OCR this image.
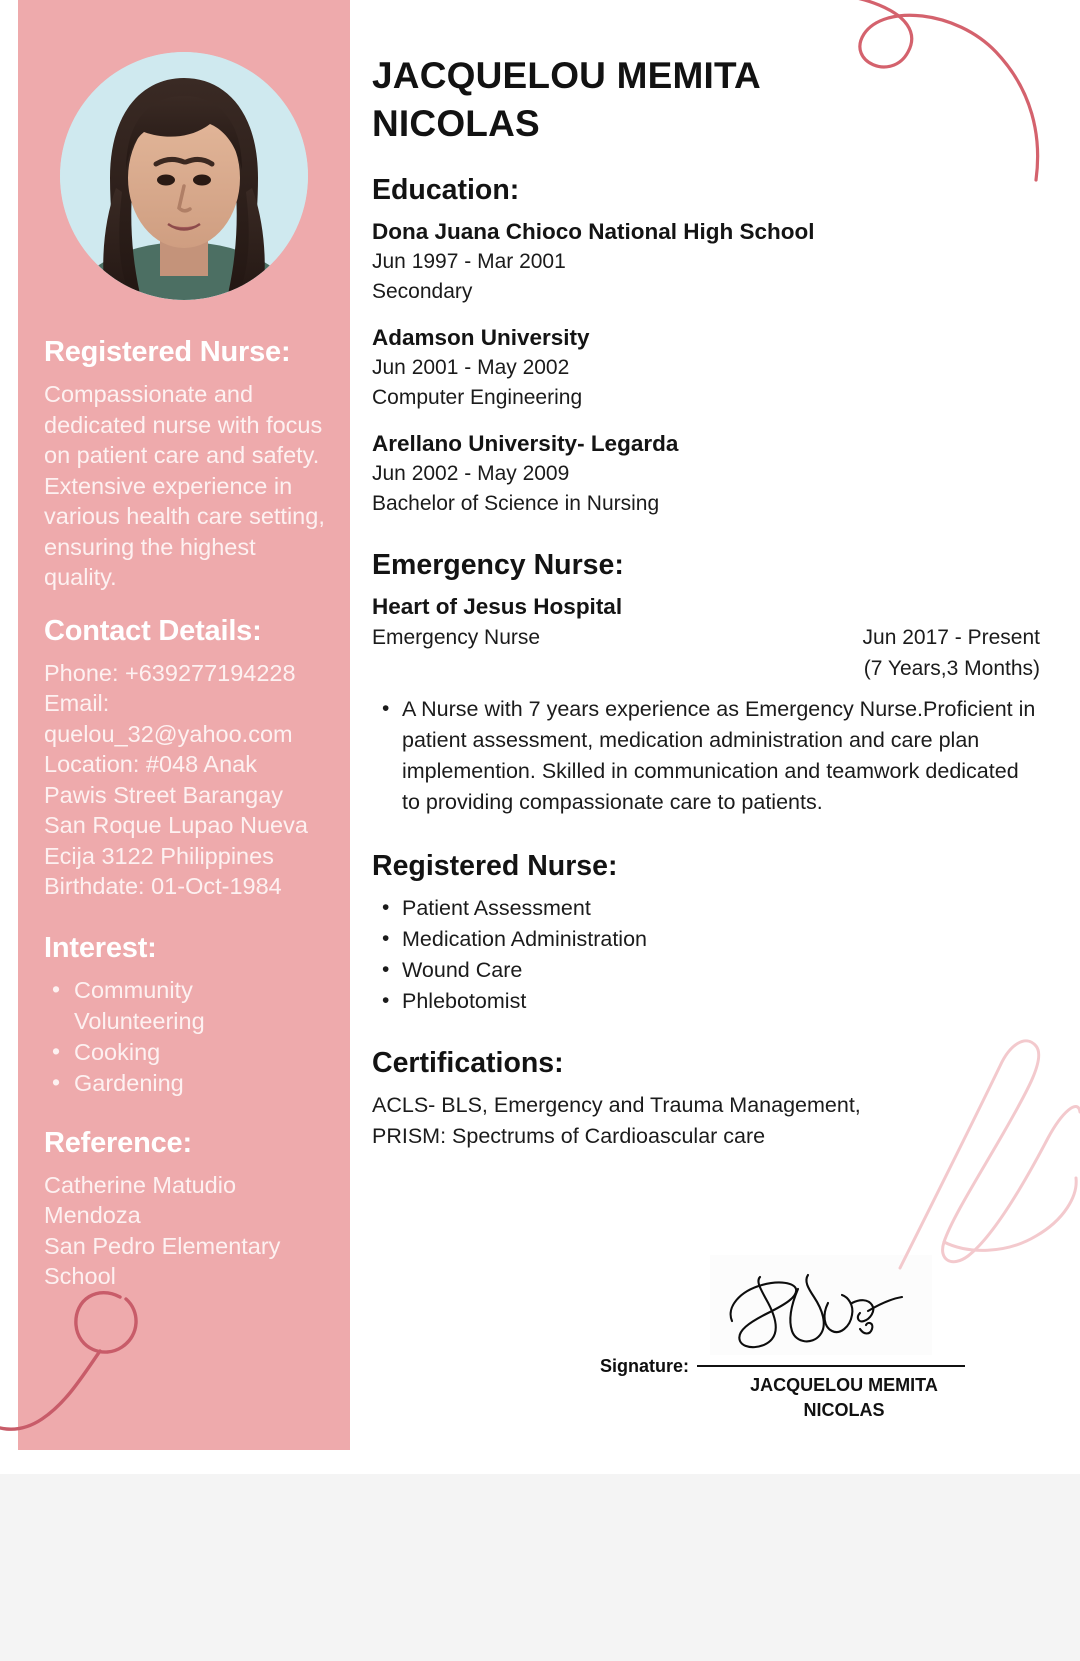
Registered Nurse:

Compassionate and dedicated nurse with focus on patient care and safety. Extensive experience in various health care setting, ensuring the highest quality.

Contact Details:

Phone: +639277194228

Email: quelou_32@yahoo.com

Location: #048 Anak Pawis Street Barangay San Roque Lupao Nueva Ecija 3122 Philippines

Birthdate: 01-Oct-1984

Interest:
• Community Volunteering
• Cooking
• Gardening
Reference:

Catherine Matudio

Mendoza

San Pedro Elementary

School

JACQUELOU MEMITA NICOLAS
Education:
Dona Juana Chioco National High School
Jun 1997 - Mar 2001
Secondary
Adamson University
Jun 2001 - May 2002
Computer Engineering
Arellano University- Legarda
Jun 2002 - May 2009
Bachelor of Science in Nursing
Emergency Nurse:
Heart of Jesus Hospital
Emergency Nurse	Jun 2017 - Present
(7 Years,3 Months)
• A Nurse with 7 years experience as Emergency Nurse.Proficient in patient assessment, medication administration and care plan implemention. Skilled in communication and teamwork dedicated to providing compassionate care to patients.
Registered Nurse:
• Patient Assessment
• Medication Administration
• Wound Care
• Phlebotomist
Certifications:
ACLS- BLS, Emergency and Trauma Management,
PRISM: Spectrums of Cardioascular care
Signature:
JACQUELOU MEMITA
NICOLAS
